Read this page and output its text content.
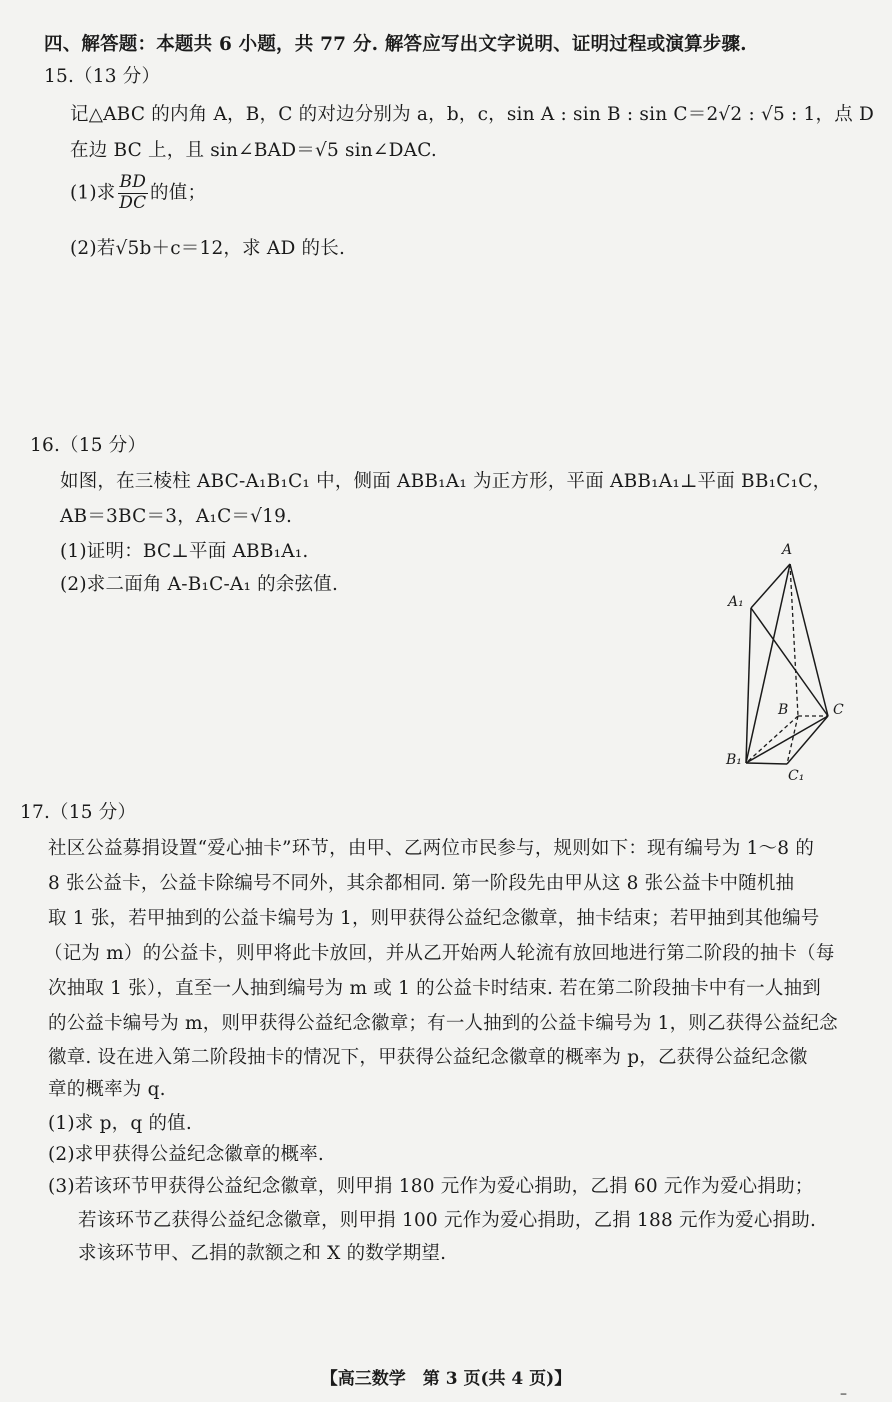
四、解答题：本题共 6 小题，共 77 分. 解答应写出文字说明、证明过程或演算步骤.
15.（13 分）
记△ABC 的内角 A，B，C 的对边分别为 a，b，c，sin A : sin B : sin C＝2√2 : √5 : 1，点 D
在边 BC 上，且 sin∠BAD＝√5 sin∠DAC.
(1)求 $\frac{BD}{DC}$ 的值；
(2)若√5b＋c＝12，求 AD 的长.
16.（15 分）
如图，在三棱柱 ABC-A₁B₁C₁ 中，侧面 ABB₁A₁ 为正方形，平面 ABB₁A₁⊥平面 BB₁C₁C，
AB＝3BC＝3，A₁C＝√19.
(1)证明：BC⊥平面 ABB₁A₁.
(2)求二面角 A-B₁C-A₁ 的余弦值.
A
A₁
B	C
B₁
C₁
17.（15 分）
社区公益募捐设置“爱心抽卡”环节，由甲、乙两位市民参与，规则如下：现有编号为 1～8 的
8 张公益卡，公益卡除编号不同外，其余都相同. 第一阶段先由甲从这 8 张公益卡中随机抽
取 1 张，若甲抽到的公益卡编号为 1，则甲获得公益纪念徽章，抽卡结束；若甲抽到其他编号
（记为 m）的公益卡，则甲将此卡放回，并从乙开始两人轮流有放回地进行第二阶段的抽卡（每
次抽取 1 张），直至一人抽到编号为 m 或 1 的公益卡时结束. 若在第二阶段抽卡中有一人抽到
的公益卡编号为 m，则甲获得公益纪念徽章；有一人抽到的公益卡编号为 1，则乙获得公益纪念
徽章. 设在进入第二阶段抽卡的情况下，甲获得公益纪念徽章的概率为 p，乙获得公益纪念徽
章的概率为 q.
(1)求 p，q 的值.
(2)求甲获得公益纪念徽章的概率.
(3)若该环节甲获得公益纪念徽章，则甲捐 180 元作为爱心捐助，乙捐 60 元作为爱心捐助；
若该环节乙获得公益纪念徽章，则甲捐 100 元作为爱心捐助，乙捐 188 元作为爱心捐助.
求该环节甲、乙捐的款额之和 X 的数学期望.
【高三数学　第 3 页(共 4 页)】
–
